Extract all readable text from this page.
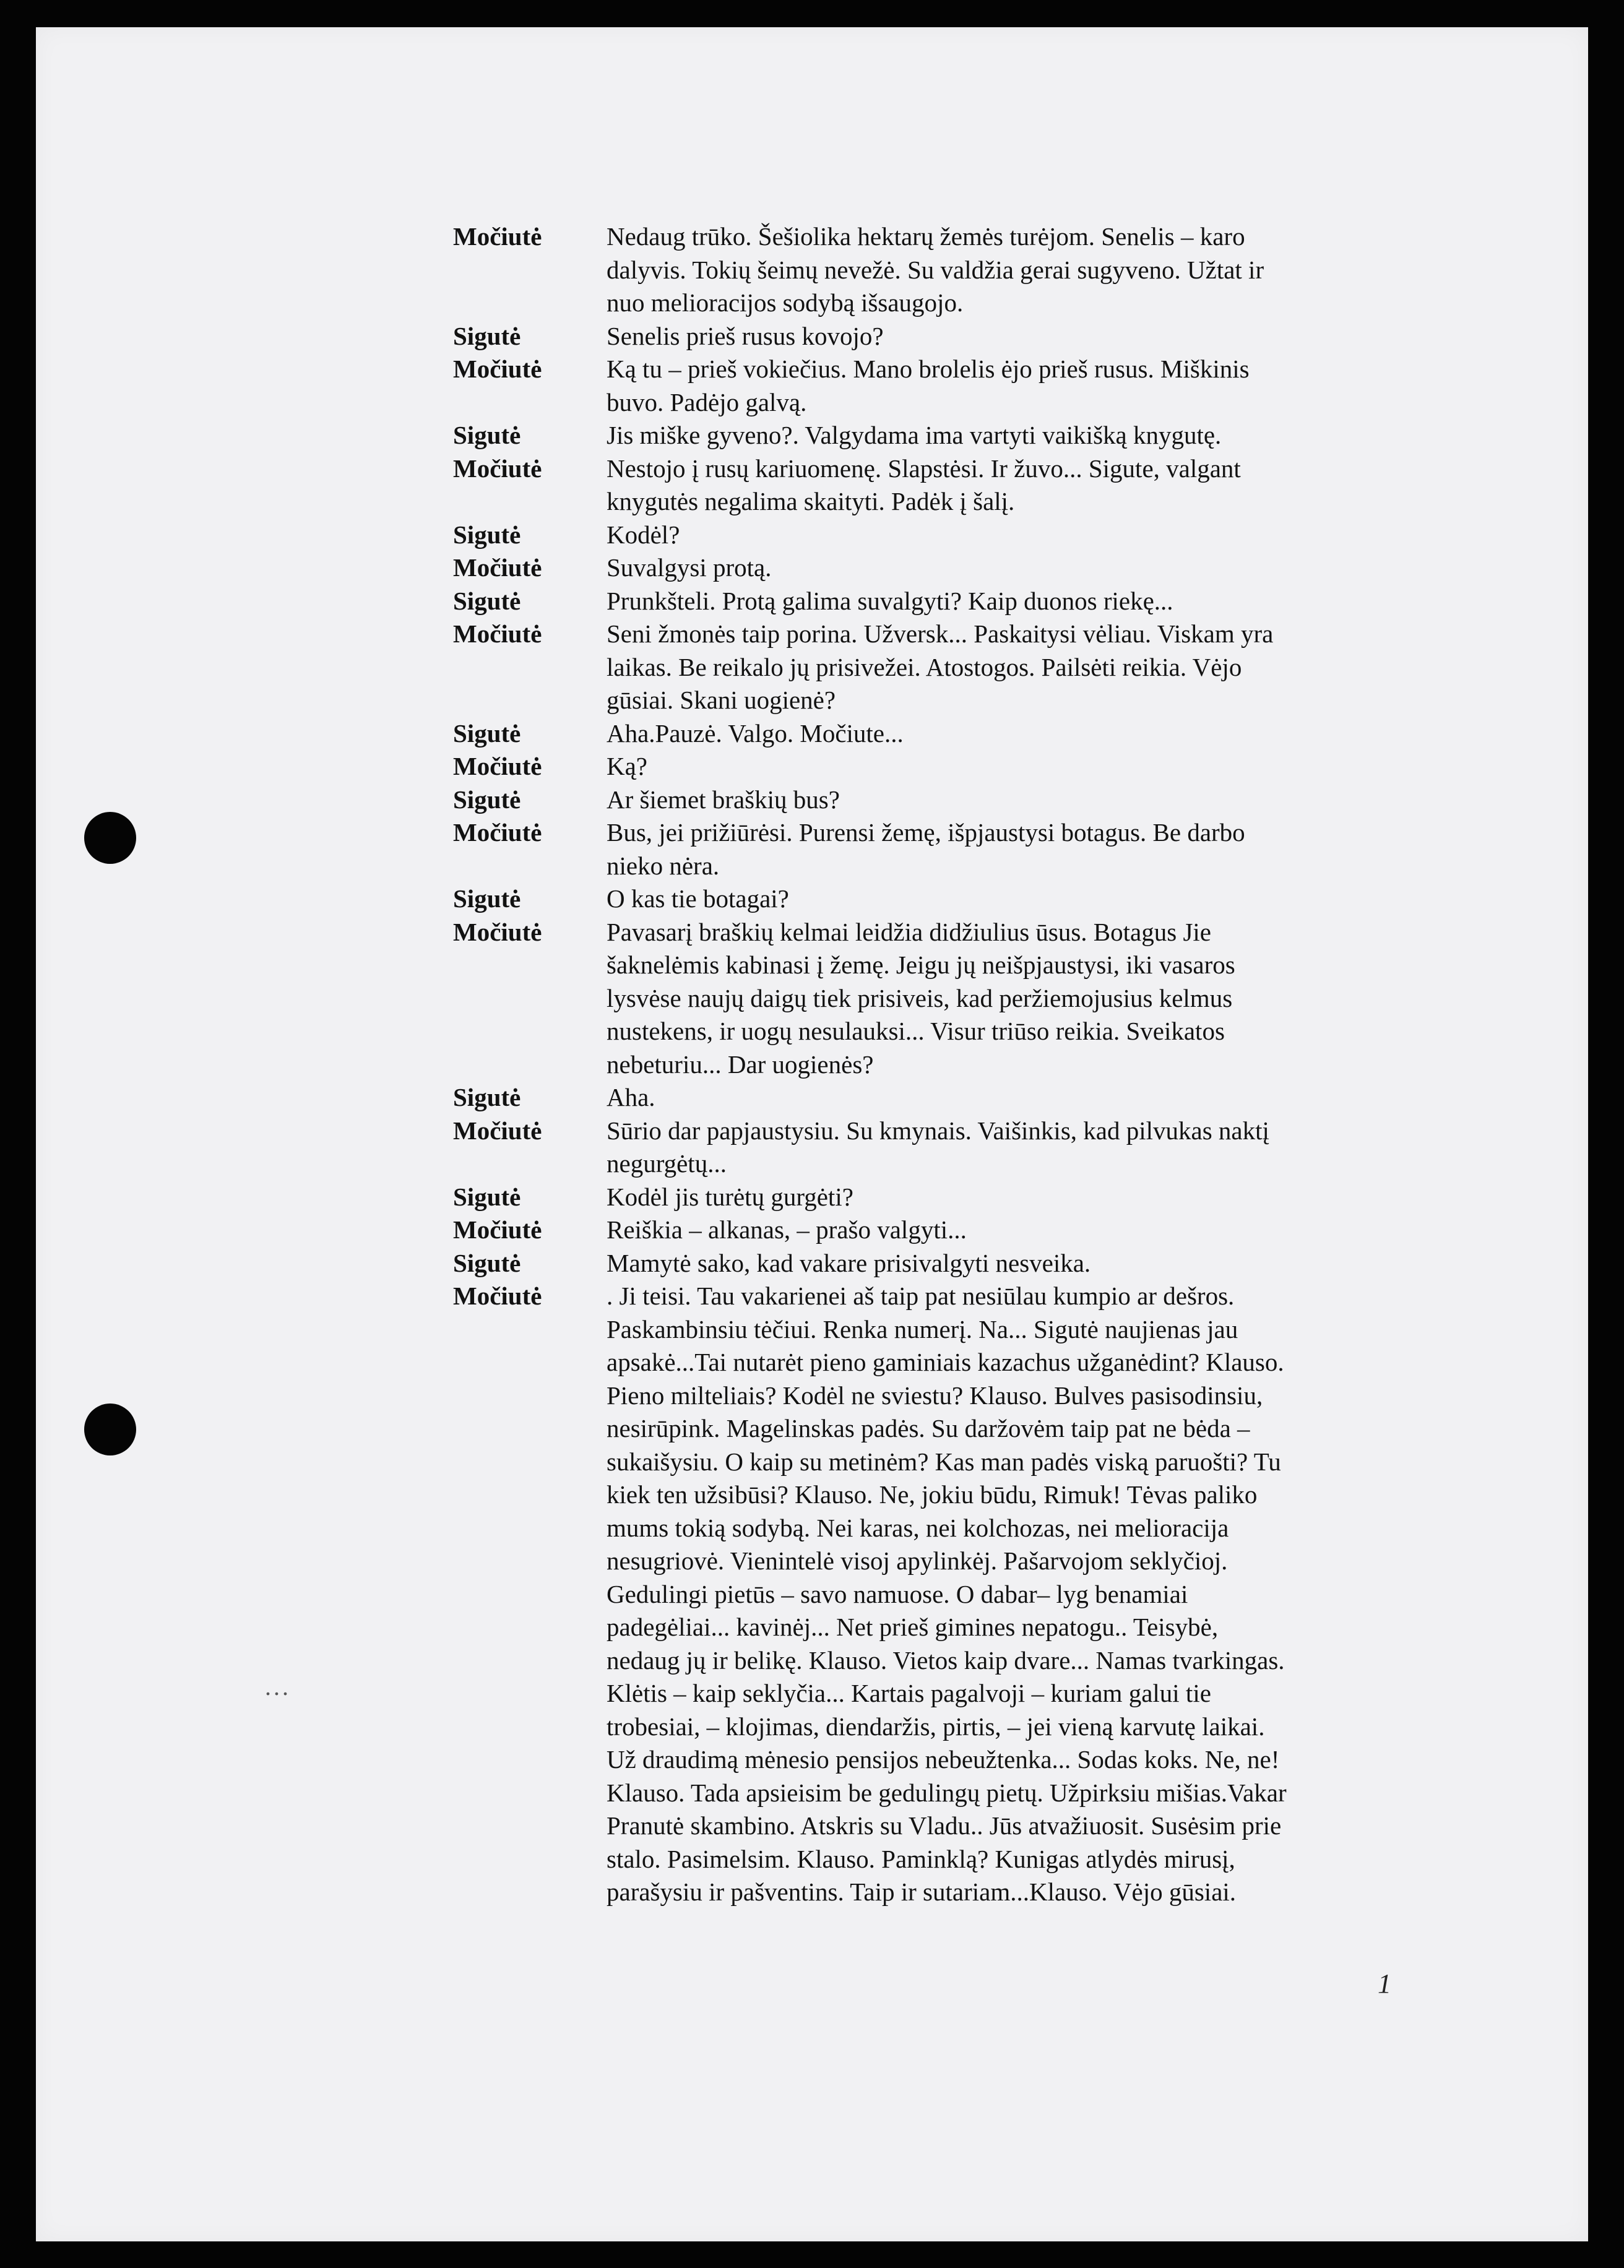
...
Močiutė	Nedaug trūko. Šešiolika hektarų žemės turėjom. Senelis – karo

dalyvis. Tokių šeimų nevežė. Su valdžia gerai sugyveno. Užtat ir

nuo melioracijos sodybą išsaugojo.

Sigutė	Senelis prieš rusus kovojo?

Močiutė	Ką tu – prieš vokiečius. Mano brolelis ėjo prieš rusus. Miškinis

buvo. Padėjo galvą.

Sigutė	Jis miške gyveno?. Valgydama ima vartyti vaikišką knygutę.

Močiutė	Nestojo į rusų kariuomenę. Slapstėsi. Ir žuvo... Sigute, valgant

knygutės negalima skaityti. Padėk į šalį.

Sigutė	Kodėl?

Močiutė	Suvalgysi protą.

Sigutė	Prunkšteli. Protą galima suvalgyti? Kaip duonos riekę...

Močiutė	Seni žmonės taip porina. Užversk... Paskaitysi vėliau. Viskam yra

laikas. Be reikalo jų prisivežei. Atostogos. Pailsėti reikia. Vėjo

gūsiai. Skani uogienė?

Sigutė	Aha.Pauzė. Valgo. Močiute...

Močiutė	Ką?

Sigutė	Ar šiemet braškių bus?

Močiutė	Bus, jei prižiūrėsi. Purensi žemę, išpjaustysi botagus. Be darbo

nieko nėra.

Sigutė	O kas tie botagai?

Močiutė	Pavasarį braškių kelmai leidžia didžiulius ūsus. Botagus Jie

šaknelėmis kabinasi į žemę. Jeigu jų neišpjaustysi, iki vasaros

lysvėse naujų daigų tiek prisiveis, kad peržiemojusius kelmus

nustekens, ir uogų nesulauksi... Visur triūso reikia. Sveikatos

nebeturiu... Dar uogienės?

Sigutė	Aha.

Močiutė	Sūrio dar papjaustysiu. Su kmynais. Vaišinkis, kad pilvukas naktį

negurgėtų...

Sigutė	Kodėl jis turėtų gurgėti?

Močiutė	Reiškia – alkanas, – prašo valgyti...

Sigutė	Mamytė sako, kad vakare prisivalgyti nesveika.

Močiutė	. Ji teisi. Tau vakarienei aš taip pat nesiūlau kumpio ar dešros.

Paskambinsiu tėčiui. Renka numerį. Na... Sigutė naujienas jau

apsakė...Tai nutarėt pieno gaminiais kazachus užganėdint? Klauso.

Pieno milteliais? Kodėl ne sviestu? Klauso. Bulves pasisodinsiu,

nesirūpink. Magelinskas padės. Su daržovėm taip pat ne bėda –

sukaišysiu. O kaip su metinėm? Kas man padės viską paruošti? Tu

kiek ten užsibūsi? Klauso. Ne, jokiu būdu, Rimuk! Tėvas paliko

mums tokią sodybą. Nei karas, nei kolchozas, nei melioracija

nesugriovė. Vienintelė visoj apylinkėj. Pašarvojom seklyčioj.

Gedulingi pietūs – savo namuose. O dabar– lyg benamiai

padegėliai... kavinėj... Net prieš gimines nepatogu.. Teisybė,

nedaug jų ir belikę. Klauso. Vietos kaip dvare... Namas tvarkingas.

Klėtis – kaip seklyčia... Kartais pagalvoji – kuriam galui tie

trobesiai, – klojimas, diendaržis, pirtis, – jei vieną karvutę laikai.

Už draudimą mėnesio pensijos nebeužtenka... Sodas koks. Ne, ne!

Klauso. Tada apsieisim be gedulingų pietų. Užpirksiu mišias.Vakar

Pranutė skambino. Atskris su Vladu.. Jūs atvažiuosit. Susėsim prie

stalo. Pasimelsim. Klauso. Paminklą? Kunigas atlydės mirusį,

parašysiu ir pašventins. Taip ir sutariam...Klauso. Vėjo gūsiai.

1
